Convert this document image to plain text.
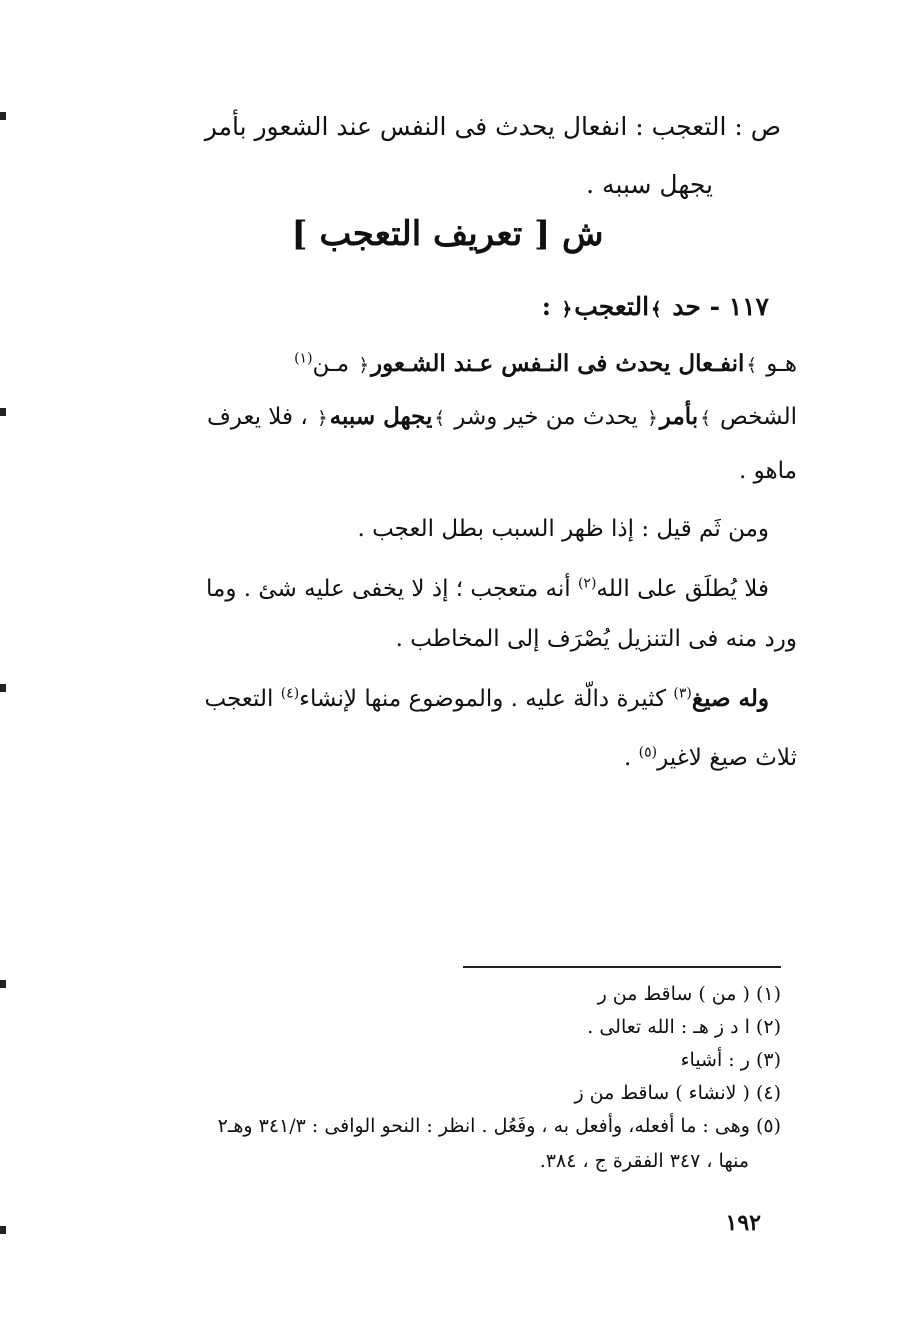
ص : التعجب : انفعال يحدث فى النفس عند الشعور بأمر
يجهل سببه .
ش [ تعريف التعجب ]
١١٧ - حد ﴾التعجب﴿ :
هـو ﴾انفـعال يحدث فى النـفس عـند الشـعور﴿ مـن$^{(١)}$
الشخص ﴾بأمر﴿ يحدث من خير وشر ﴾يجهل سببه﴿ ، فلا يعرف
ماهو .
ومن ثَم قيل : إذا ظهر السبب بطل العجب .
فلا يُطلَق على الله$^{(٢)}$ أنه متعجب ؛ إذ لا يخفى عليه شئ . وما
ورد منه فى التنزيل يُصْرَف إلى المخاطب .
وله صيغ$^{(٣)}$ كثيرة دالّة عليه . والموضوع منها لإنشاء$^{(٤)}$ التعجب
ثلاث صيغ لاغير$^{(٥)}$ .
(١) ( من ) ساقط من ر
(٢) ا د ز هـ : الله تعالى .
(٣) ر : أشياء
(٤) ( لانشاء ) ساقط من ز
(٥) وهى : ما أفعله، وأفعل به ، وفَعُل . انظر : النحو الوافى : ٣٤١/٣ وهـ٢
منها ، ٣٤٧ الفقرة ج ، ٣٨٤.
١٩٢
